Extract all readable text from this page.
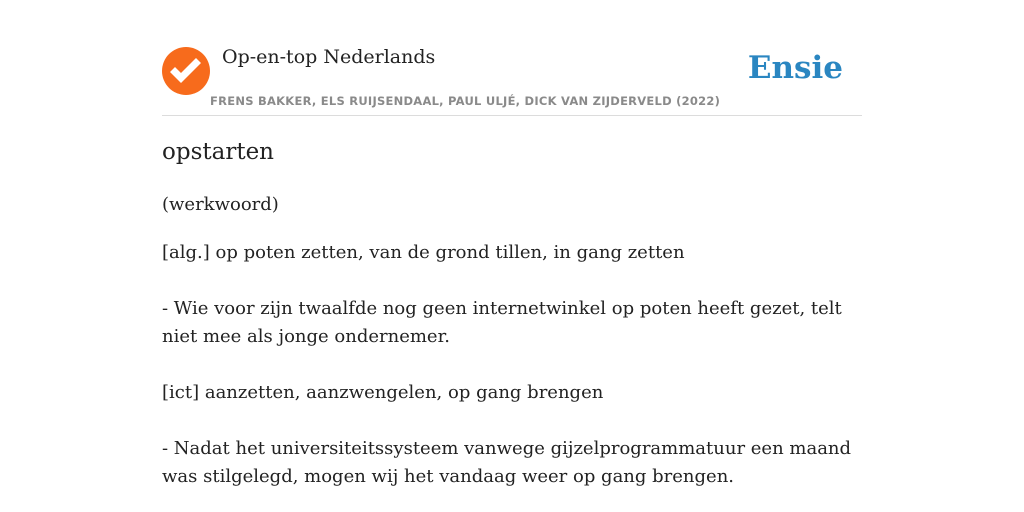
Op-en-top Nederlands
FRENS BAKKER, ELS RUIJSENDAAL, PAUL ULJÉ, DICK VAN ZIJDERVELD (2022)
Ensie
opstarten
(werkwoord)

[alg.] op poten zetten, van de grond tillen, in gang zetten

- Wie voor zijn twaalfde nog geen internetwinkel op poten heeft gezet, telt niet mee als jonge ondernemer.

[ict] aanzetten, aanzwengelen, op gang brengen

- Nadat het universiteitssysteem vanwege gijzelprogrammatuur een maand was stilgelegd, mogen wij het vandaag weer op gang brengen.
